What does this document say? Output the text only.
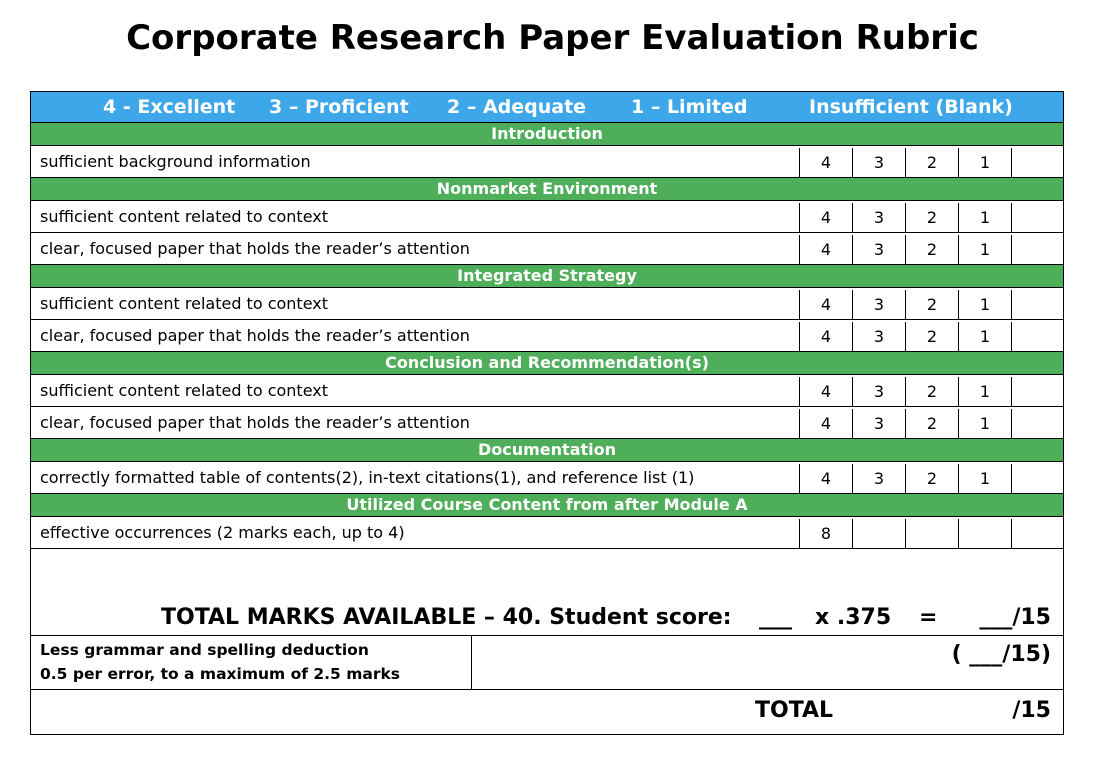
Corporate Research Paper Evaluation Rubric
4 - Excellent 3 – Proficient 2 – Adequate 1 – Limited	Insufficient (Blank)
Introduction
sufficient background information	4	3	2	1
Nonmarket Environment
sufficient content related to context	4	3	2	1
clear, focused paper that holds the reader’s attention	4	3	2	1
Integrated Strategy
sufficient content related to context	4	3	2	1
clear, focused paper that holds the reader’s attention	4	3	2	1
Conclusion and Recommendation(s)
sufficient content related to context	4	3	2	1
clear, focused paper that holds the reader’s attention	4	3	2	1
Documentation
correctly formatted table of contents(2), in-text citations(1), and reference list (1)	4	3	2	1
Utilized Course Content from after Module A
effective occurrences (2 marks each, up to 4)	8
TOTAL MARKS AVAILABLE – 40. Student score: ___ x .375 = ___/15
Less grammar and spelling deduction
0.5 per error, to a maximum of 2.5 marks
( ___/15)
TOTAL	/15
